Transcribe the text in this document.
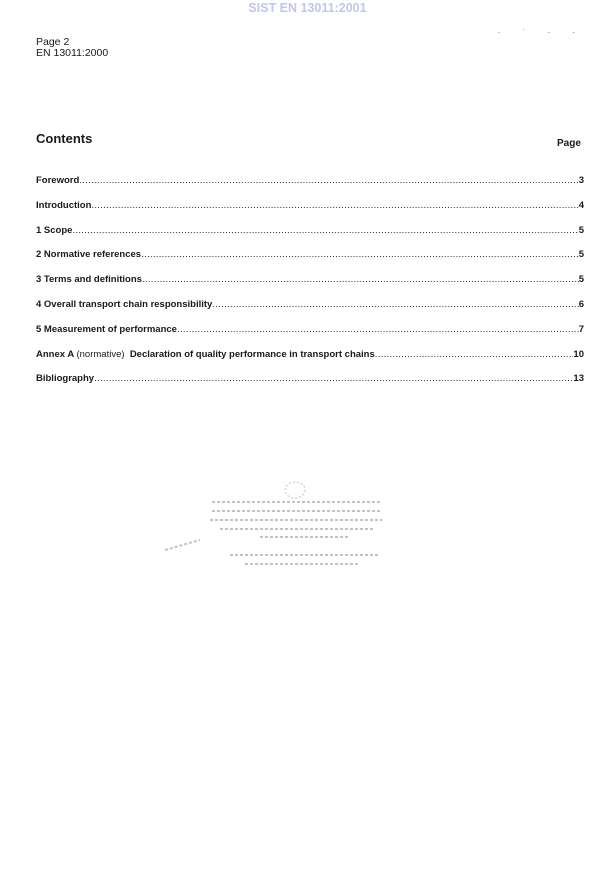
SIST EN 13011:2001
· ˙ · ·
Page 2
EN 13011:2000
Contents	Page
Foreword .....	3
Introduction .....	4
1 Scope .....	5
2 Normative references .....	5
3 Terms and definitions .....	5
4 Overall transport chain responsibility .....	6
5 Measurement of performance .....	7
Annex A (normative) Declaration of quality performance in transport chains .....	10
Bibliography .....	13
